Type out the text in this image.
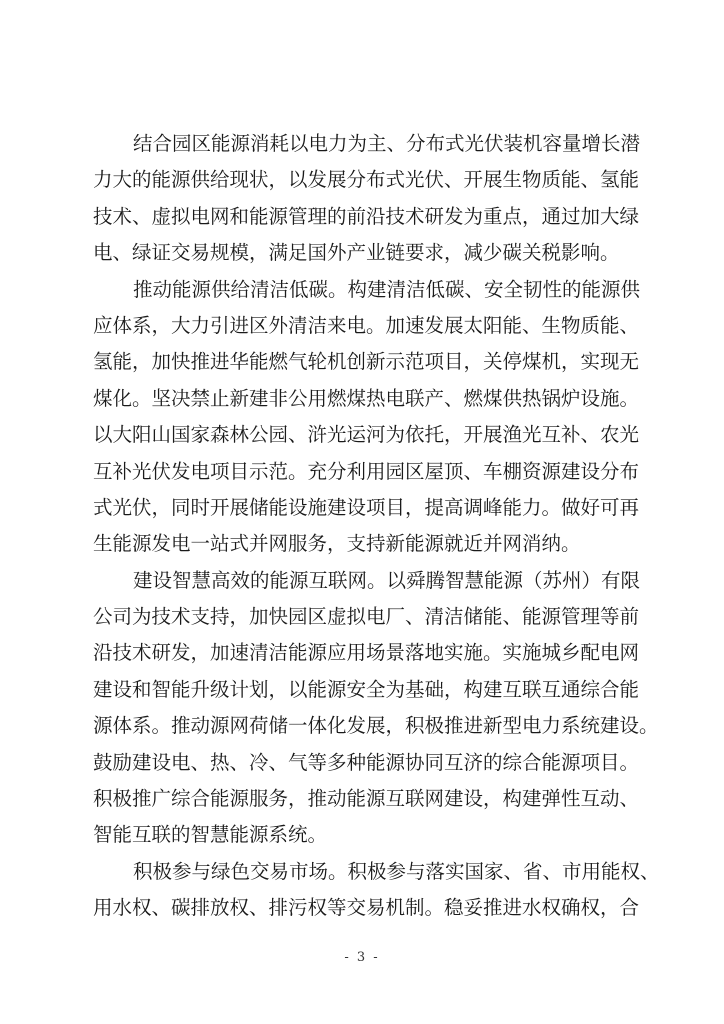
结合园区能源消耗以电力为主、分布式光伏装机容量增长潜
力大的能源供给现状，以发展分布式光伏、开展生物质能、氢能
技术、虚拟电网和能源管理的前沿技术研发为重点，通过加大绿
电、绿证交易规模，满足国外产业链要求，减少碳关税影响。
推动能源供给清洁低碳。构建清洁低碳、安全韧性的能源供
应体系，大力引进区外清洁来电。加速发展太阳能、生物质能、
氢能，加快推进华能燃气轮机创新示范项目，关停煤机，实现无
煤化。坚决禁止新建非公用燃煤热电联产、燃煤供热锅炉设施。
以大阳山国家森林公园、浒光运河为依托，开展渔光互补、农光
互补光伏发电项目示范。充分利用园区屋顶、车棚资源建设分布
式光伏，同时开展储能设施建设项目，提高调峰能力。做好可再
生能源发电一站式并网服务，支持新能源就近并网消纳。
建设智慧高效的能源互联网。以舜腾智慧能源（苏州）有限
公司为技术支持，加快园区虚拟电厂、清洁储能、能源管理等前
沿技术研发，加速清洁能源应用场景落地实施。实施城乡配电网
建设和智能升级计划，以能源安全为基础，构建互联互通综合能
源体系。推动源网荷储一体化发展，积极推进新型电力系统建设。
鼓励建设电、热、冷、气等多种能源协同互济的综合能源项目。
积极推广综合能源服务，推动能源互联网建设，构建弹性互动、
智能互联的智慧能源系统。
积极参与绿色交易市场。积极参与落实国家、省、市用能权、
用水权、碳排放权、排污权等交易机制。稳妥推进水权确权，合
- 3 -
